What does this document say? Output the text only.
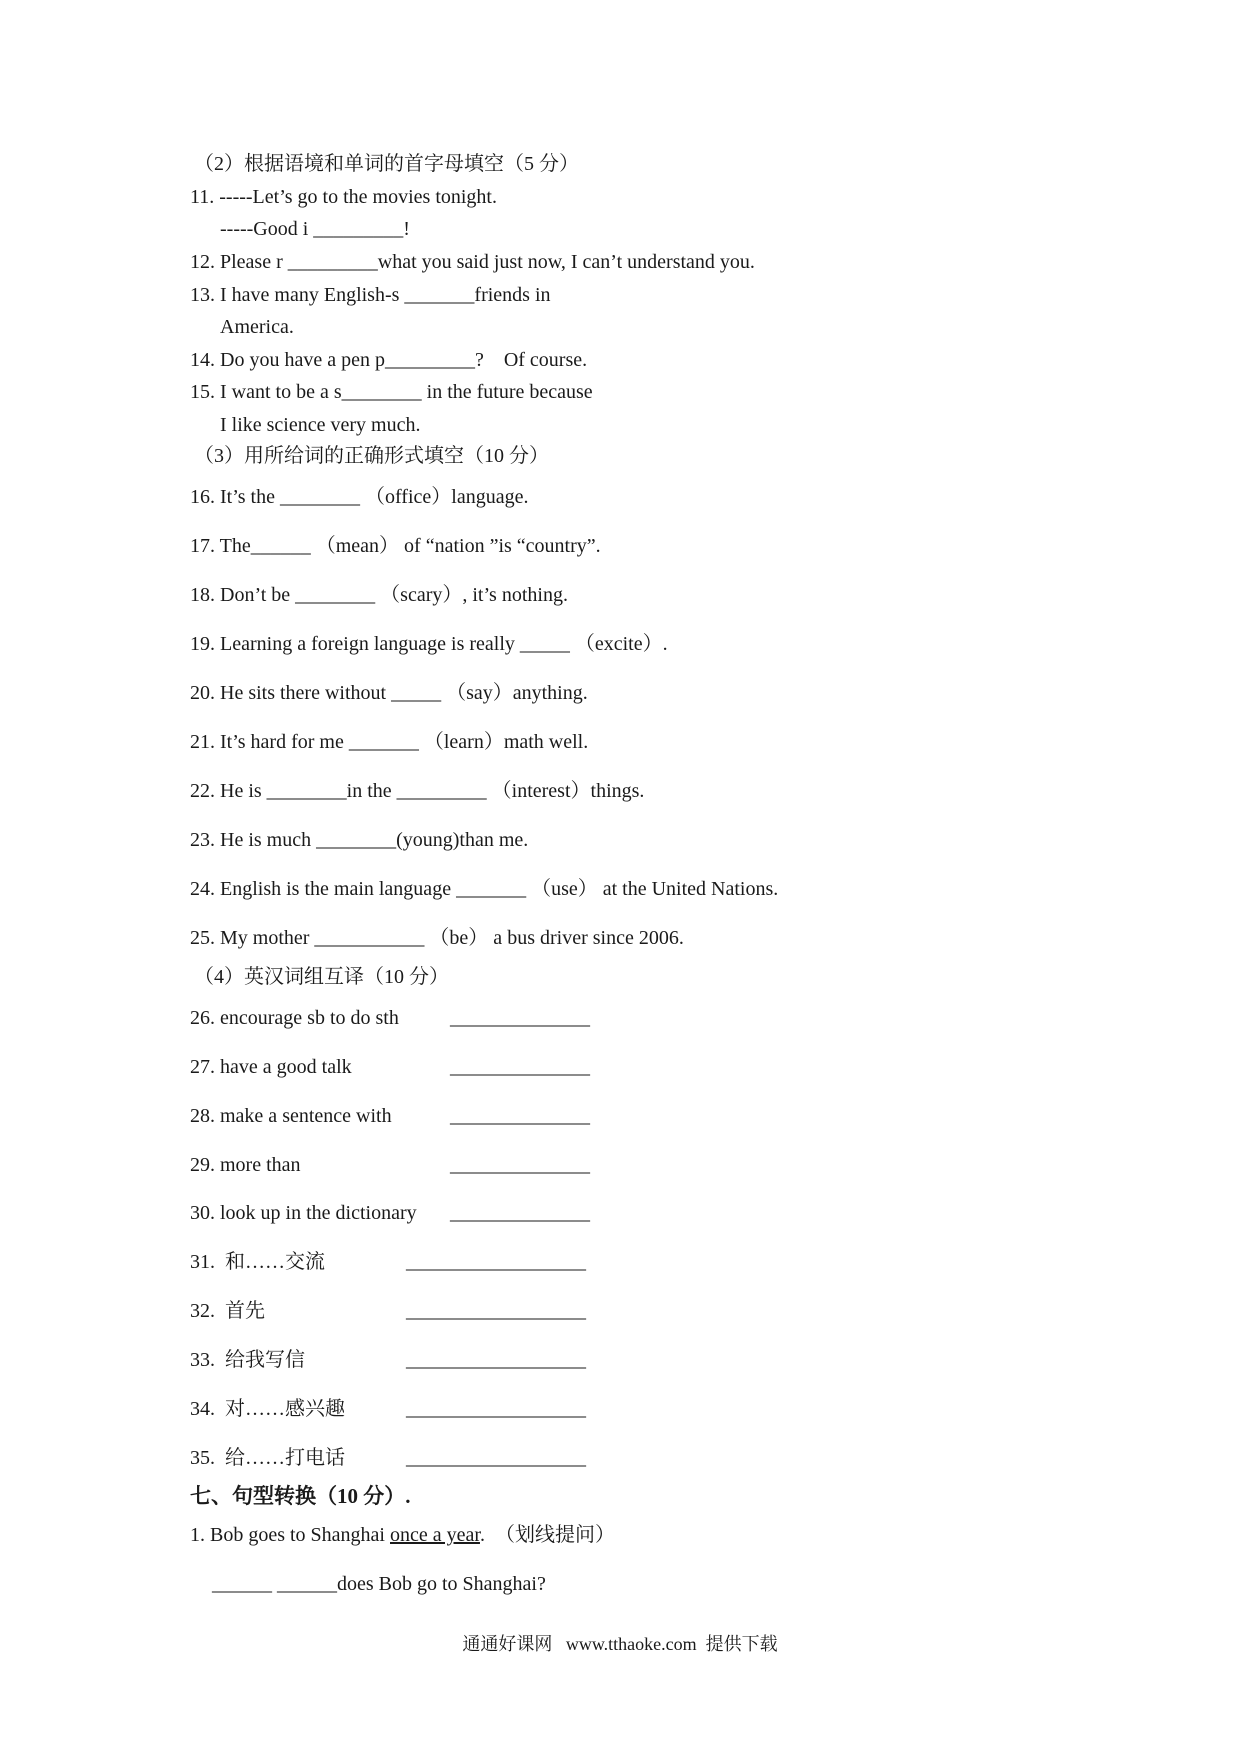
（2）根据语境和单词的首字母填空（5 分）
11. -----Let’s go to the movies tonight.
-----Good i _________!
12. Please r _________what you said just now, I can’t understand you.
13. I have many English-s _______friends in
America.
14. Do you have a pen p_________?    Of course.
15. I want to be a s________ in the future because
I like science very much.
（3）用所给词的正确形式填空（10 分）
16. It’s the ________ （office）language.
17. The______ （mean） of “nation ”is “country”.
18. Don’t be ________ （scary）, it’s nothing.
19. Learning a foreign language is really _____ （excite）.
20. He sits there without _____ （say）anything.
21. It’s hard for me _______ （learn）math well.
22. He is ________in the _________ （interest）things.
23. He is much ________(young)than me.
24. English is the main language _______ （use） at the United Nations.
25. My mother ___________ （be） a bus driver since 2006.
（4）英汉词组互译（10 分）
26. encourage sb to do sth	______________
27. have a good talk	______________
28. make a sentence with	______________
29. more than	______________
30. look up in the dictionary ______________
31.  和……交流	__________________
32.  首先	__________________
33.  给我写信	__________________
34.  对……感兴趣	__________________
35.  给……打电话	__________________
七、句型转换（10 分）.
1. Bob goes to Shanghai once a year.  （划线提问）
______ ______does Bob go to Shanghai?
通通好课网   www.tthaoke.com  提供下载
